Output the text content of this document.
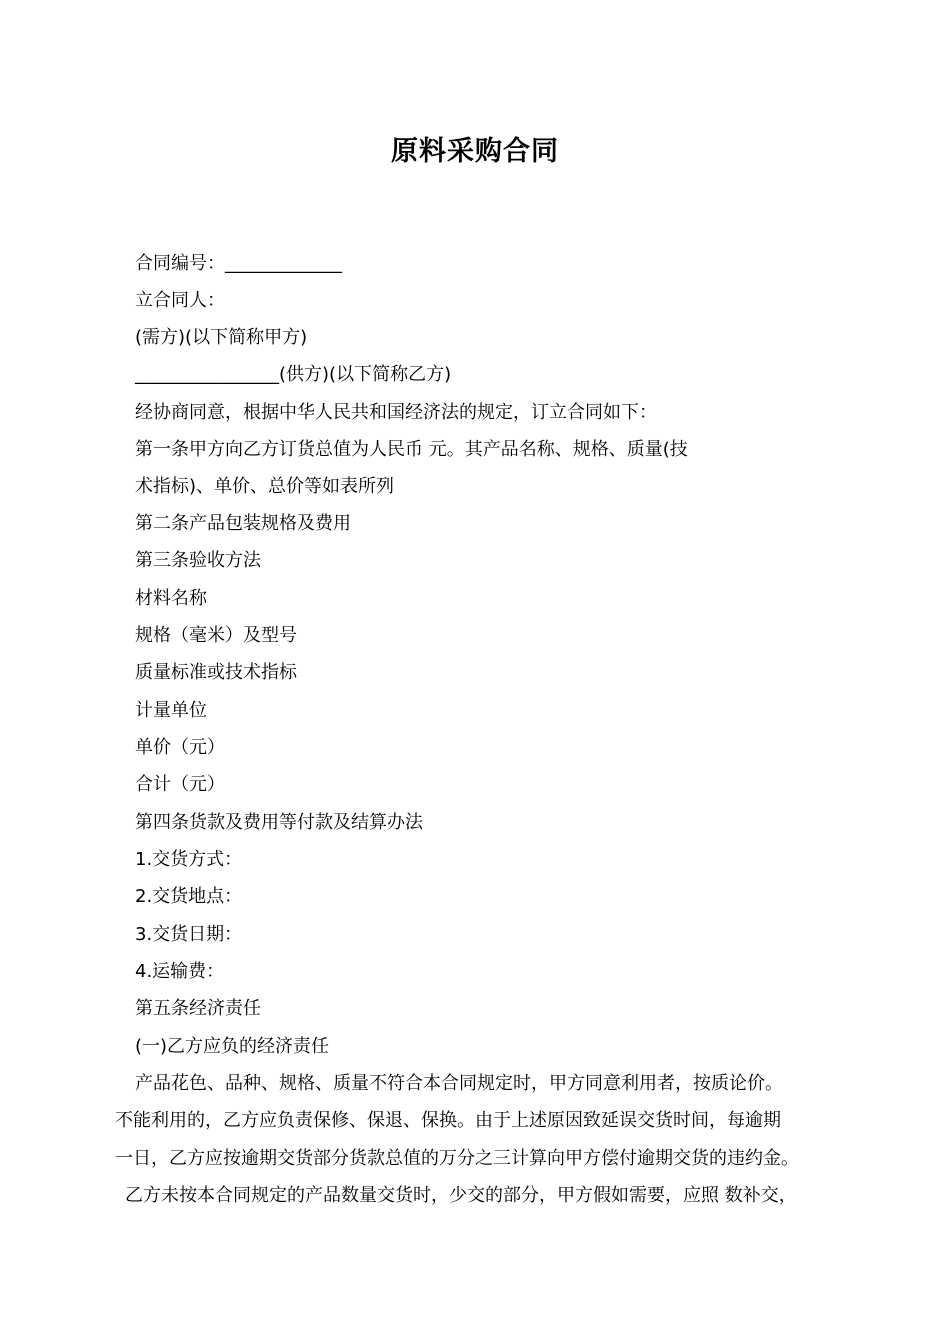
原料采购合同
合同编号：_____________
立合同人：
(需方)(以下简称甲方)
________________(供方)(以下简称乙方)
经协商同意，根据中华人民共和国经济法的规定，订立合同如下：
第一条甲方向乙方订货总值为人民币 元。其产品名称、规格、质量(技
术指标)、单价、总价等如表所列
第二条产品包装规格及费用
第三条验收方法
材料名称
规格（毫米）及型号
质量标准或技术指标
计量单位
单价（元）
合计（元）
第四条货款及费用等付款及结算办法
1.交货方式：
2.交货地点：
3.交货日期：
4.运输费：
第五条经济责任
(一)乙方应负的经济责任
产品花色、品种、规格、质量不符合本合同规定时，甲方同意利用者，按质论价。
不能利用的，乙方应负责保修、保退、保换。由于上述原因致延误交货时间，每逾期
一日，乙方应按逾期交货部分货款总值的万分之三计算向甲方偿付逾期交货的违约金。
乙方未按本合同规定的产品数量交货时，少交的部分，甲方假如需要，应照 数补交，
